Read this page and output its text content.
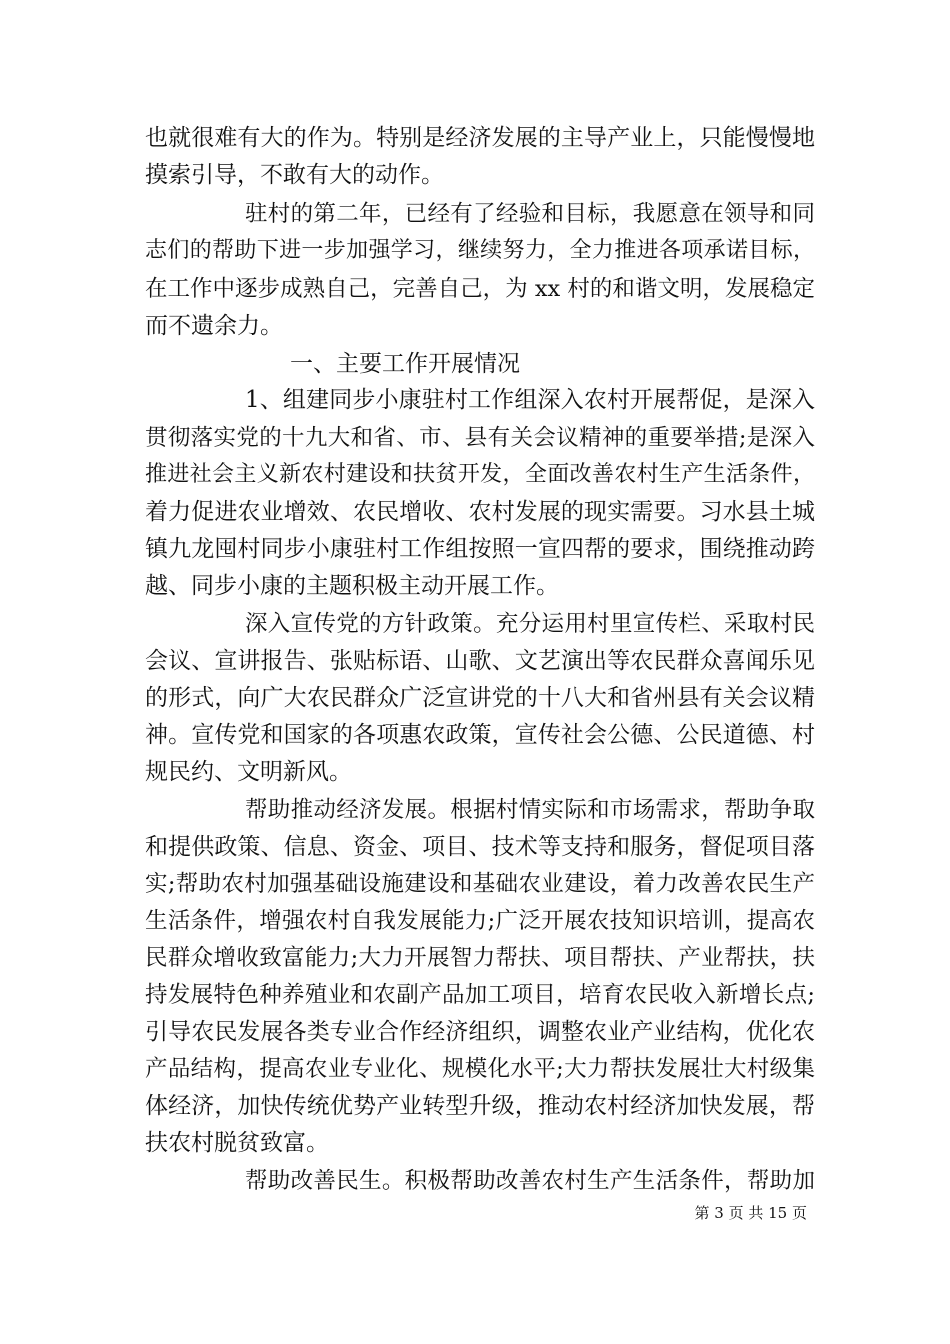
也就很难有大的作为。特别是经济发展的主导产业上，只能慢慢地
摸索引导，不敢有大的动作。
驻村的第二年，已经有了经验和目标，我愿意在领导和同
志们的帮助下进一步加强学习，继续努力，全力推进各项承诺目标，
在工作中逐步成熟自己，完善自己，为 xx 村的和谐文明，发展稳定
而不遗余力。
一、主要工作开展情况
1、组建同步小康驻村工作组深入农村开展帮促，是深入
贯彻落实党的十九大和省、市、县有关会议精神的重要举措;是深入
推进社会主义新农村建设和扶贫开发，全面改善农村生产生活条件，
着力促进农业增效、农民增收、农村发展的现实需要。习水县土城
镇九龙囤村同步小康驻村工作组按照一宣四帮的要求，围绕推动跨
越、同步小康的主题积极主动开展工作。
深入宣传党的方针政策。充分运用村里宣传栏、采取村民
会议、宣讲报告、张贴标语、山歌、文艺演出等农民群众喜闻乐见
的形式，向广大农民群众广泛宣讲党的十八大和省州县有关会议精
神。宣传党和国家的各项惠农政策，宣传社会公德、公民道德、村
规民约、文明新风。
帮助推动经济发展。根据村情实际和市场需求，帮助争取
和提供政策、信息、资金、项目、技术等支持和服务，督促项目落
实;帮助农村加强基础设施建设和基础农业建设，着力改善农民生产
生活条件，增强农村自我发展能力;广泛开展农技知识培训，提高农
民群众增收致富能力;大力开展智力帮扶、项目帮扶、产业帮扶，扶
持发展特色种养殖业和农副产品加工项目，培育农民收入新增长点;
引导农民发展各类专业合作经济组织，调整农业产业结构，优化农
产品结构，提高农业专业化、规模化水平;大力帮扶发展壮大村级集
体经济，加快传统优势产业转型升级，推动农村经济加快发展，帮
扶农村脱贫致富。
帮助改善民生。积极帮助改善农村生产生活条件，帮助加
第 3 页 共 15 页
